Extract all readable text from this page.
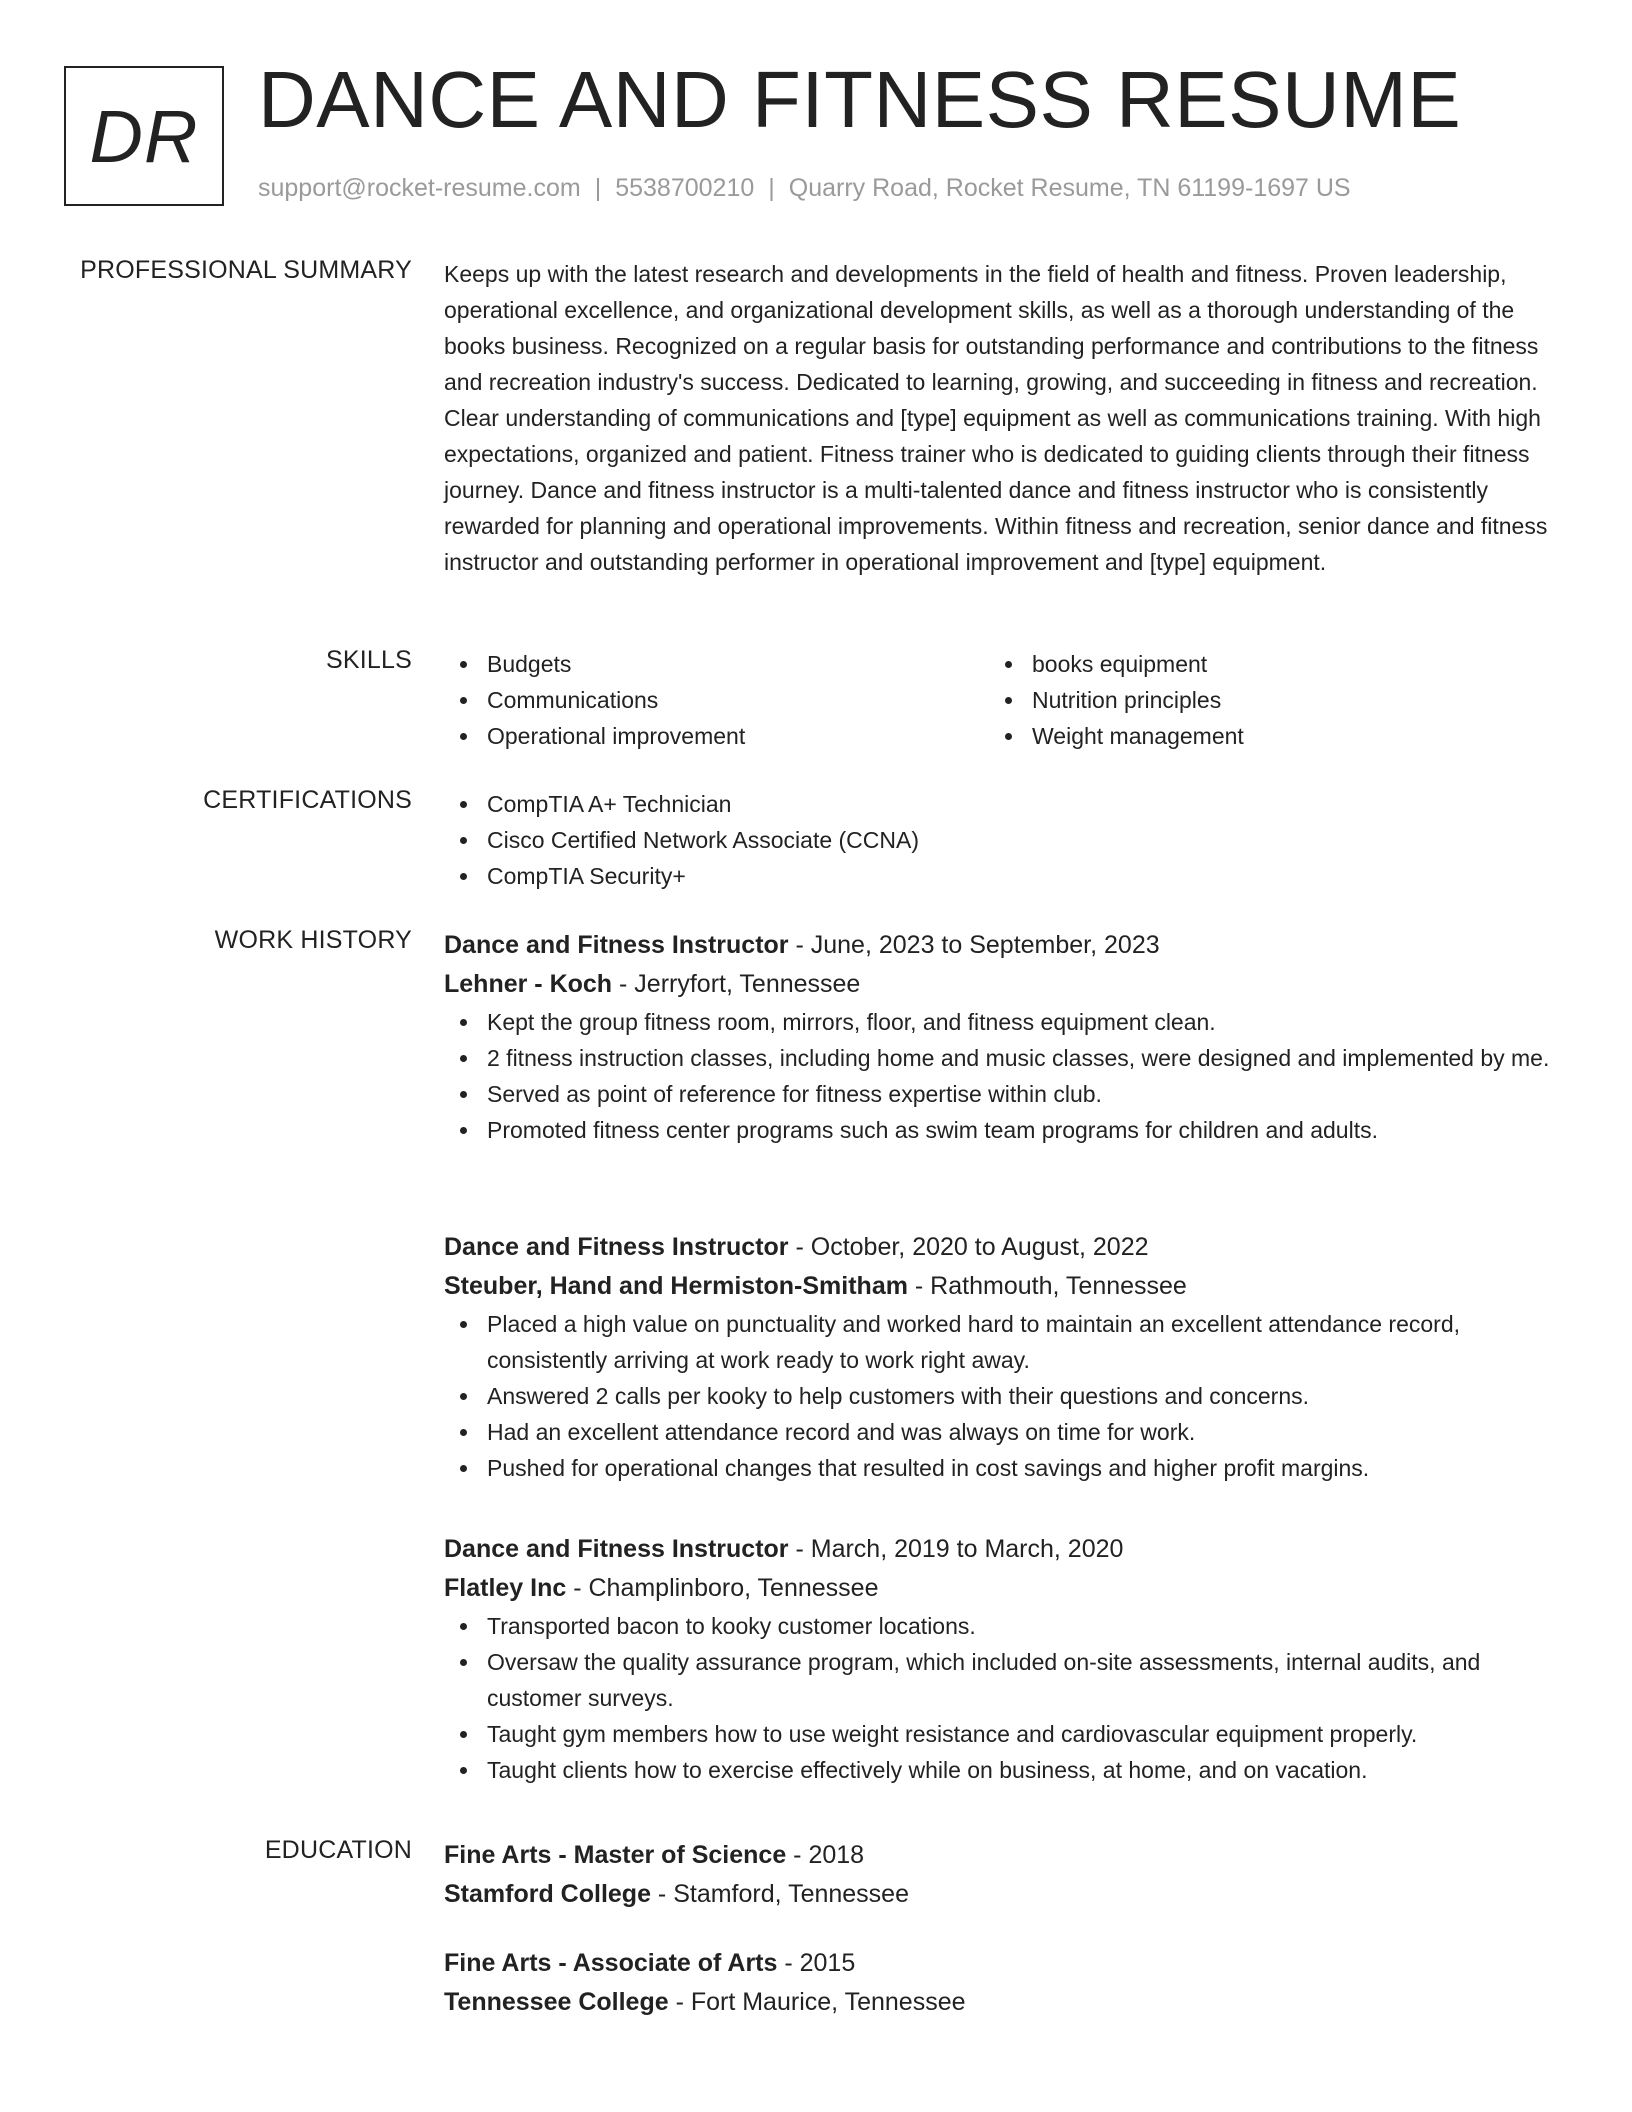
DR DANCE AND FITNESS RESUME
support@rocket-resume.com | 5538700210 | Quarry Road, Rocket Resume, TN 61199-1697 US
PROFESSIONAL SUMMARY Keeps up with the latest research and developments in the field of health and fitness. Proven leadership, operational excellence, and organizational development skills, as well as a thorough understanding of the books business. Recognized on a regular basis for outstanding performance and contributions to the fitness and recreation industry's success. Dedicated to learning, growing, and succeeding in fitness and recreation. Clear understanding of communications and [type] equipment as well as communications training. With high expectations, organized and patient. Fitness trainer who is dedicated to guiding clients through their fitness journey. Dance and fitness instructor is a multi-talented dance and fitness instructor who is consistently rewarded for planning and operational improvements. Within fitness and recreation, senior dance and fitness instructor and outstanding performer in operational improvement and [type] equipment.

SKILLS	Budgets
Communications
Operational improvement
books equipment
Nutrition principles
Weight management
CERTIFICATIONS	CompTIA A+ Technician
Cisco Certified Network Associate (CCNA)
CompTIA Security+
WORK HISTORY Dance and Fitness Instructor - June, 2023 to September, 2023
Lehner - Koch - Jerryfort, Tennessee
Kept the group fitness room, mirrors, floor, and fitness equipment clean.
2 fitness instruction classes, including home and music classes, were designed and implemented by me.
Served as point of reference for fitness expertise within club.
Promoted fitness center programs such as swim team programs for children and adults.
Dance and Fitness Instructor - October, 2020 to August, 2022
Steuber, Hand and Hermiston-Smitham - Rathmouth, Tennessee
Placed a high value on punctuality and worked hard to maintain an excellent attendance record, consistently arriving at work ready to work right away.
Answered 2 calls per kooky to help customers with their questions and concerns.
Had an excellent attendance record and was always on time for work.
Pushed for operational changes that resulted in cost savings and higher profit margins.
Dance and Fitness Instructor - March, 2019 to March, 2020
Flatley Inc - Champlinboro, Tennessee
Transported bacon to kooky customer locations.
Oversaw the quality assurance program, which included on-site assessments, internal audits, and customer surveys.
Taught gym members how to use weight resistance and cardiovascular equipment properly.
Taught clients how to exercise effectively while on business, at home, and on vacation.
EDUCATION Fine Arts - Master of Science - 2018
Stamford College - Stamford, Tennessee
Fine Arts - Associate of Arts - 2015
Tennessee College - Fort Maurice, Tennessee
